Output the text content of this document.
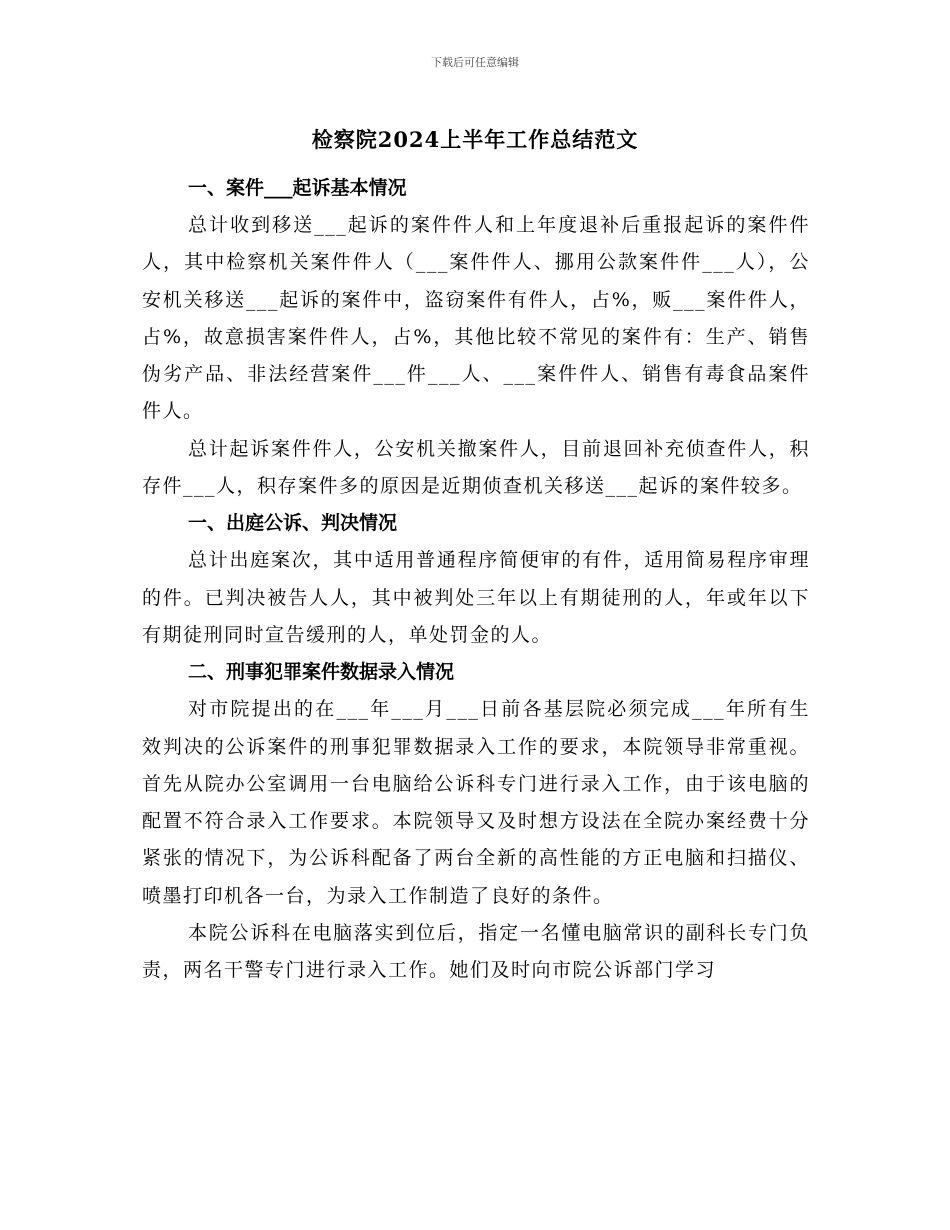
下载后可任意编辑
检察院2024上半年工作总结范文

一、案件___起诉基本情况

总计收到移送___起诉的案件件人和上年度退补后重报起诉的案件件人，其中检察机关案件件人（___案件件人、挪用公款案件件___人），公安机关移送___起诉的案件中，盗窃案件有件人，占%，贩___案件件人，占%，故意损害案件件人，占%，其他比较不常见的案件有：生产、销售伪劣产品、非法经营案件___件___人、___案件件人、销售有毒食品案件件人。

总计起诉案件件人，公安机关撤案件人，目前退回补充侦查件人，积存件___人，积存案件多的原因是近期侦查机关移送___起诉的案件较多。

一、出庭公诉、判决情况

总计出庭案次，其中适用普通程序简便审的有件，适用简易程序审理的件。已判决被告人人，其中被判处三年以上有期徒刑的人，年或年以下有期徒刑同时宣告缓刑的人，单处罚金的人。

二、刑事犯罪案件数据录入情况

对市院提出的在___年___月___日前各基层院必须完成___年所有生效判决的公诉案件的刑事犯罪数据录入工作的要求，本院领导非常重视。首先从院办公室调用一台电脑给公诉科专门进行录入工作，由于该电脑的配置不符合录入工作要求。本院领导又及时想方设法在全院办案经费十分紧张的情况下，为公诉科配备了两台全新的高性能的方正电脑和扫描仪、喷墨打印机各一台，为录入工作制造了良好的条件。

本院公诉科在电脑落实到位后，指定一名懂电脑常识的副科长专门负责，两名干警专门进行录入工作。她们及时向市院公诉部门学习
